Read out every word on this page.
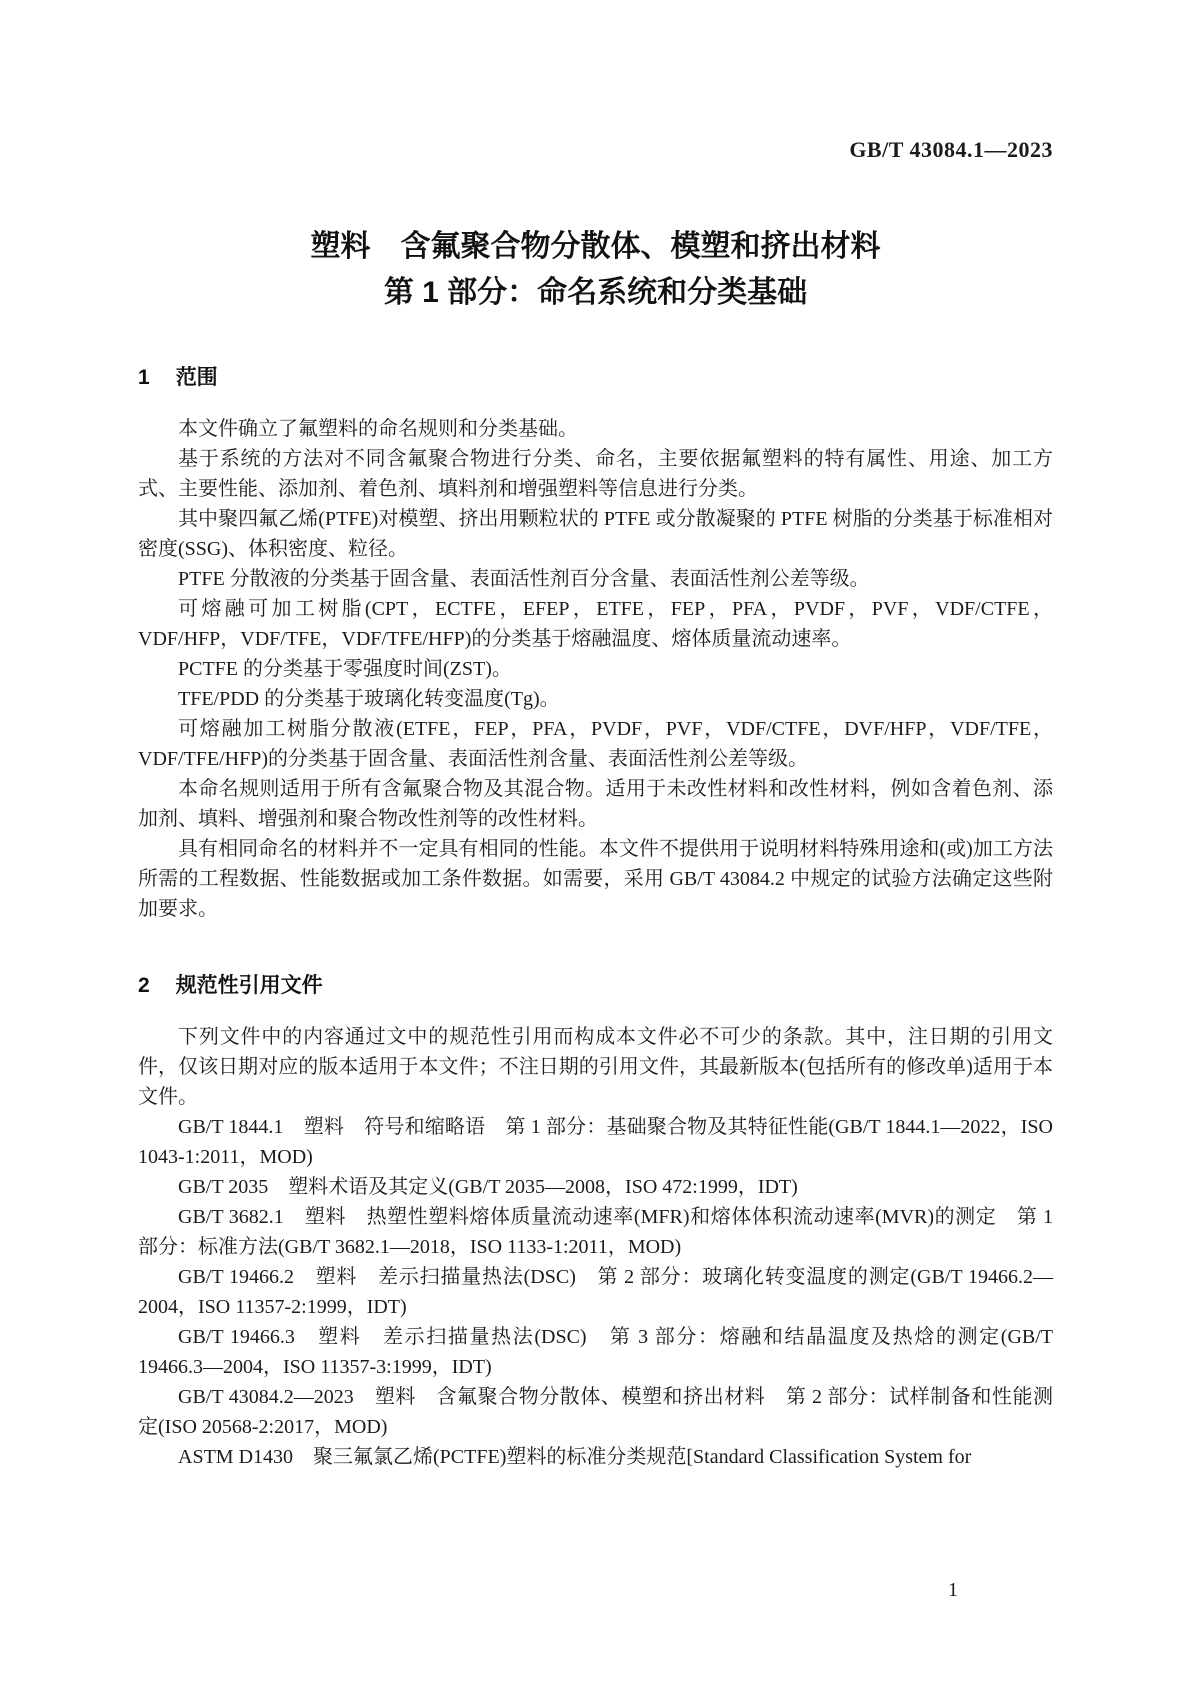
GB/T 43084.1—2023
塑料　含氟聚合物分散体、模塑和挤出材料
第 1 部分：命名系统和分类基础
1 范围

本文件确立了氟塑料的命名规则和分类基础。

基于系统的方法对不同含氟聚合物进行分类、命名，主要依据氟塑料的特有属性、用途、加工方式、主要性能、添加剂、着色剂、填料剂和增强塑料等信息进行分类。

其中聚四氟乙烯(PTFE)对模塑、挤出用颗粒状的 PTFE 或分散凝聚的 PTFE 树脂的分类基于标准相对密度(SSG)、体积密度、粒径。

PTFE 分散液的分类基于固含量、表面活性剂百分含量、表面活性剂公差等级。

可熔融可加工树脂(CPT，ECTFE，EFEP，ETFE，FEP，PFA，PVDF，PVF，VDF/CTFE，VDF/HFP，VDF/TFE，VDF/TFE/HFP)的分类基于熔融温度、熔体质量流动速率。

PCTFE 的分类基于零强度时间(ZST)。

TFE/PDD 的分类基于玻璃化转变温度(Tg)。

可熔融加工树脂分散液(ETFE，FEP，PFA，PVDF，PVF，VDF/CTFE，DVF/HFP，VDF/TFE，VDF/TFE/HFP)的分类基于固含量、表面活性剂含量、表面活性剂公差等级。

本命名规则适用于所有含氟聚合物及其混合物。适用于未改性材料和改性材料，例如含着色剂、添加剂、填料、增强剂和聚合物改性剂等的改性材料。

具有相同命名的材料并不一定具有相同的性能。本文件不提供用于说明材料特殊用途和(或)加工方法所需的工程数据、性能数据或加工条件数据。如需要，采用 GB/T 43084.2 中规定的试验方法确定这些附加要求。

2 规范性引用文件

下列文件中的内容通过文中的规范性引用而构成本文件必不可少的条款。其中，注日期的引用文件，仅该日期对应的版本适用于本文件；不注日期的引用文件，其最新版本(包括所有的修改单)适用于本文件。

GB/T 1844.1　塑料　符号和缩略语　第 1 部分：基础聚合物及其特征性能(GB/T 1844.1—2022，ISO 1043-1:2011，MOD)

GB/T 2035　塑料术语及其定义(GB/T 2035—2008，ISO 472:1999，IDT)

GB/T 3682.1　塑料　热塑性塑料熔体质量流动速率(MFR)和熔体体积流动速率(MVR)的测定　第 1 部分：标准方法(GB/T 3682.1—2018，ISO 1133-1:2011，MOD)

GB/T 19466.2　塑料　差示扫描量热法(DSC)　第 2 部分：玻璃化转变温度的测定(GB/T 19466.2—2004，ISO 11357-2:1999，IDT)

GB/T 19466.3　塑料　差示扫描量热法(DSC)　第 3 部分：熔融和结晶温度及热焓的测定(GB/T 19466.3—2004，ISO 11357-3:1999，IDT)

GB/T 43084.2—2023　塑料　含氟聚合物分散体、模塑和挤出材料　第 2 部分：试样制备和性能测定(ISO 20568-2:2017，MOD)

ASTM D1430　聚三氟氯乙烯(PCTFE)塑料的标准分类规范[Standard Classification System for

1
